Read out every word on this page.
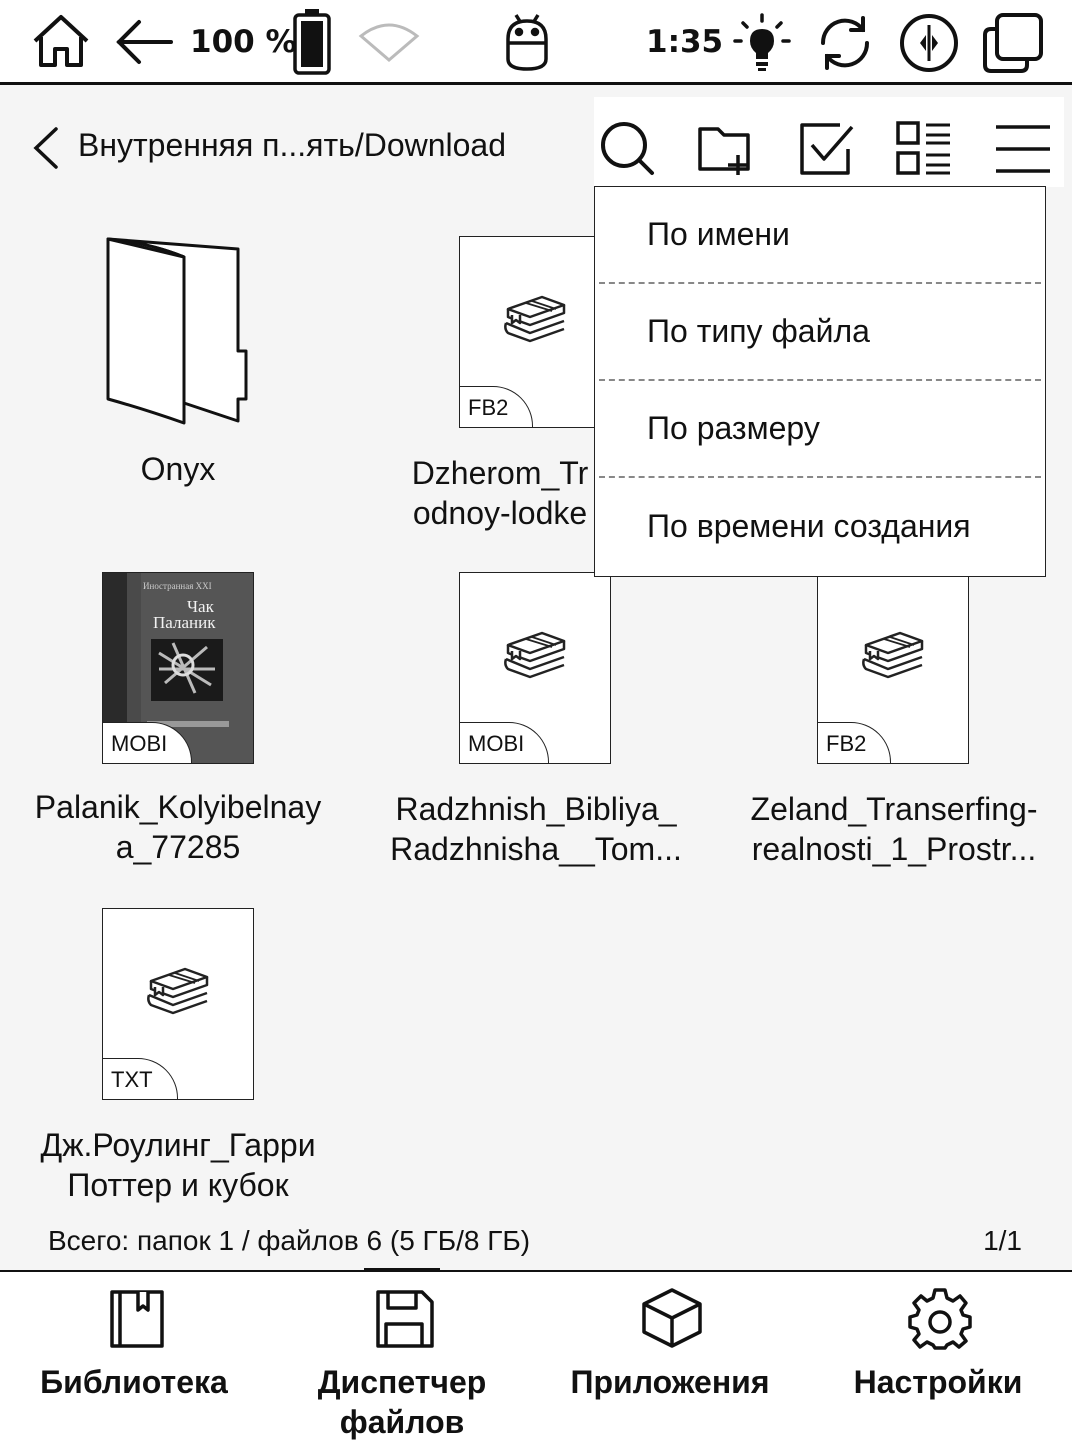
100 %	1:35
Внутренняя п...ять/Download
Onyx
FB2
Dzherom_Tr
odnoy-lodke
Иностранная ХХI
Чак
Паланик
MOBI
Palanik_Kolyibelnay
a_77285
MOBI
Radzhnish_Bibliya_
Radzhnisha__Tom...
FB2
Zeland_Transerfing-
realnosti_1_Prostr...
TXT
Дж.Роулинг_Гарри
Поттер и кубок
По имени
По типу файла
По размеру
По времени создания
Всего: папок 1 / файлов 6 (5 ГБ/8 ГБ)	1/1
Библиотека	Диспетчер
файлов
Приложения	Настройки
